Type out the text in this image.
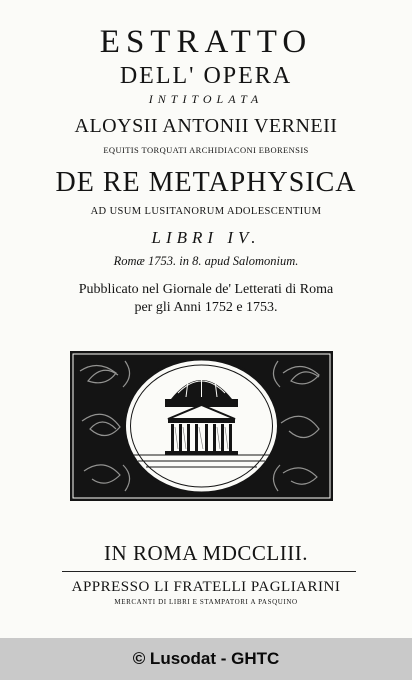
ESTRATTO
DELL' OPERA
INTITOLATA
ALOYSII ANTONII VERNEII
EQUITIS TORQUATI ARCHIDIACONI EBORENSIS
DE RE METAPHYSICA
AD USUM LUSITANORUM ADOLESCENTIUM
LIBRI IV.
Romæ 1753. in 8. apud Salomonium.
Pubblicato nel Giornale de' Letterati di Roma
per gli Anni 1752 e 1753.
IN ROMA MDCCLIII.
APPRESSO LI FRATELLI PAGLIARINI
MERCANTI DI LIBRI E STAMPATORI A PASQUINO
© Lusodat - GHTC
